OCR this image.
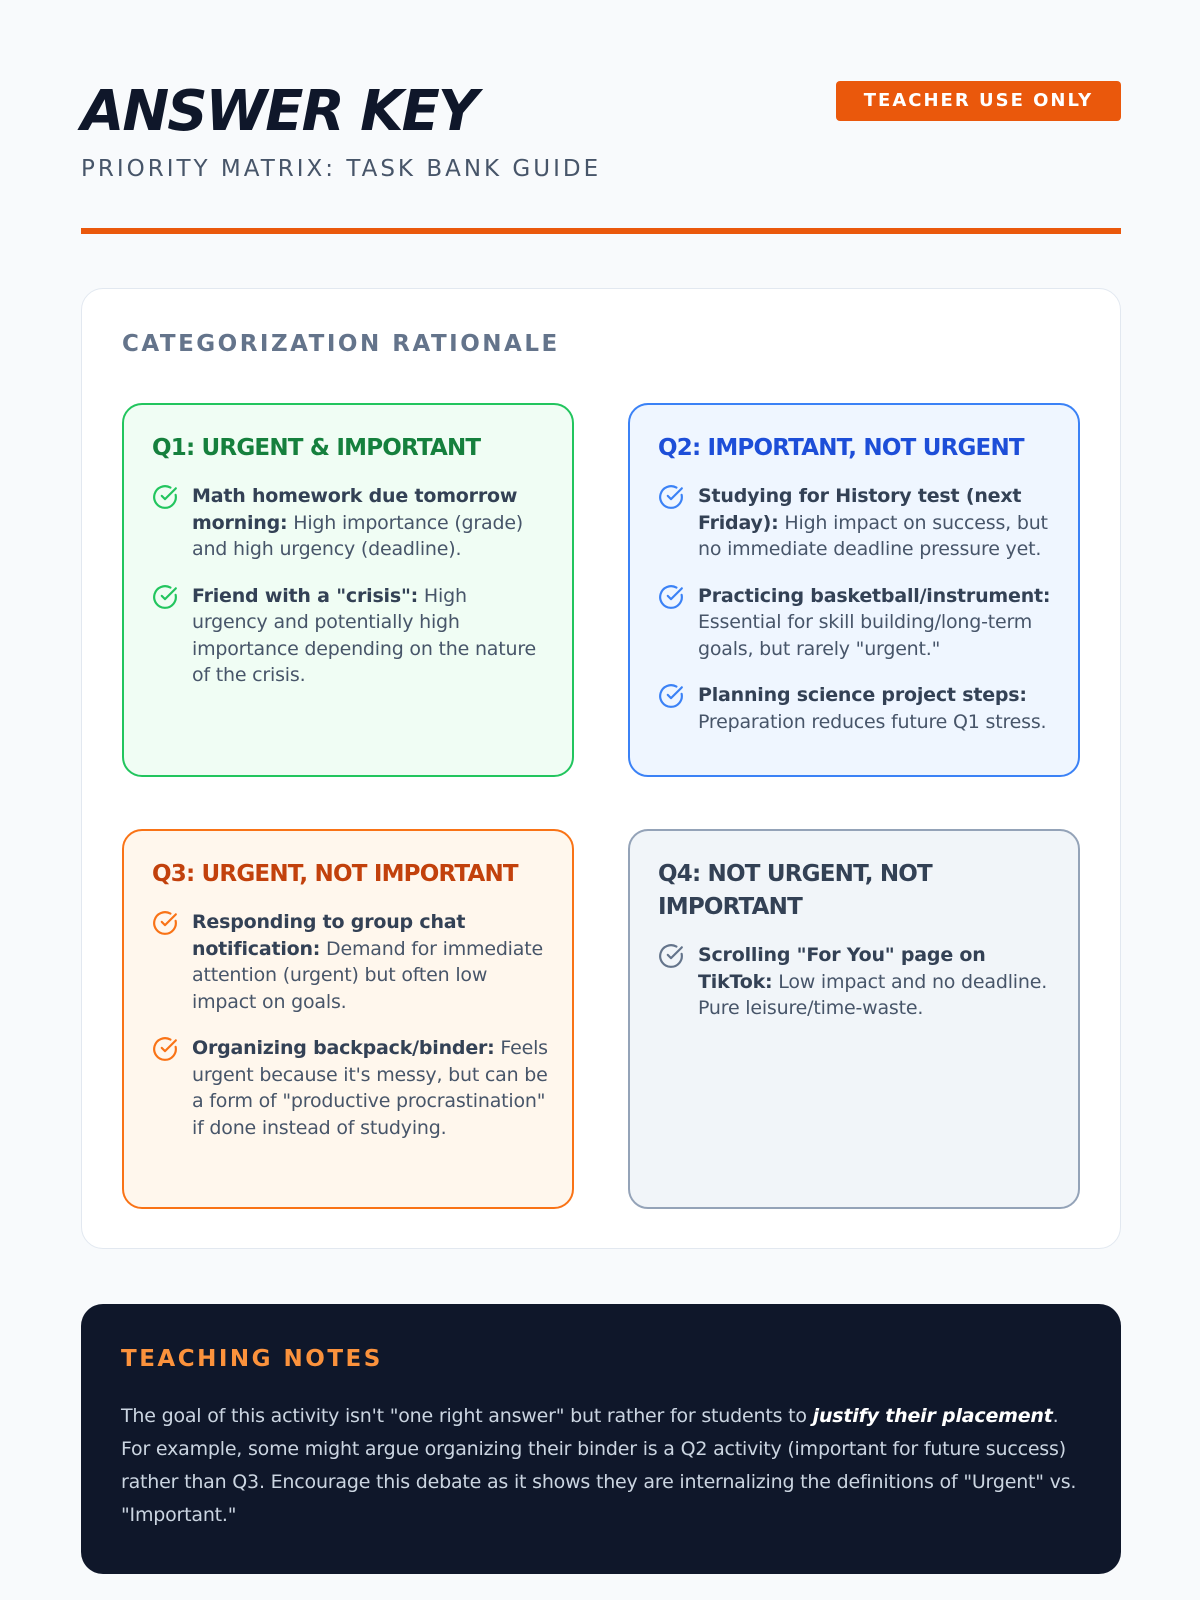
ANSWER KEY
PRIORITY MATRIX: TASK BANK GUIDE
TEACHER USE ONLY
CATEGORIZATION RATIONALE
Q1: URGENT & IMPORTANT
Math homework due tomorrow morning: High importance (grade) and high urgency (deadline).
Friend with a "crisis": High urgency and potentially high importance depending on the nature of the crisis.
Q2: IMPORTANT, NOT URGENT
Studying for History test (next Friday): High impact on success, but no immediate deadline pressure yet.
Practicing basketball/instrument: Essential for skill building/long-term goals, but rarely "urgent."
Planning science project steps: Preparation reduces future Q1 stress.
Q3: URGENT, NOT IMPORTANT
Responding to group chat notification: Demand for immediate attention (urgent) but often low impact on goals.
Organizing backpack/binder: Feels urgent because it's messy, but can be a form of "productive procrastination" if done instead of studying.
Q4: NOT URGENT, NOT IMPORTANT
Scrolling "For You" page on TikTok: Low impact and no deadline. Pure leisure/time-waste.
TEACHING NOTES

The goal of this activity isn't "one right answer" but rather for students to justify their placement. For example, some might argue organizing their binder is a Q2 activity (important for future success) rather than Q3. Encourage this debate as it shows they are internalizing the definitions of "Urgent" vs. "Important."
